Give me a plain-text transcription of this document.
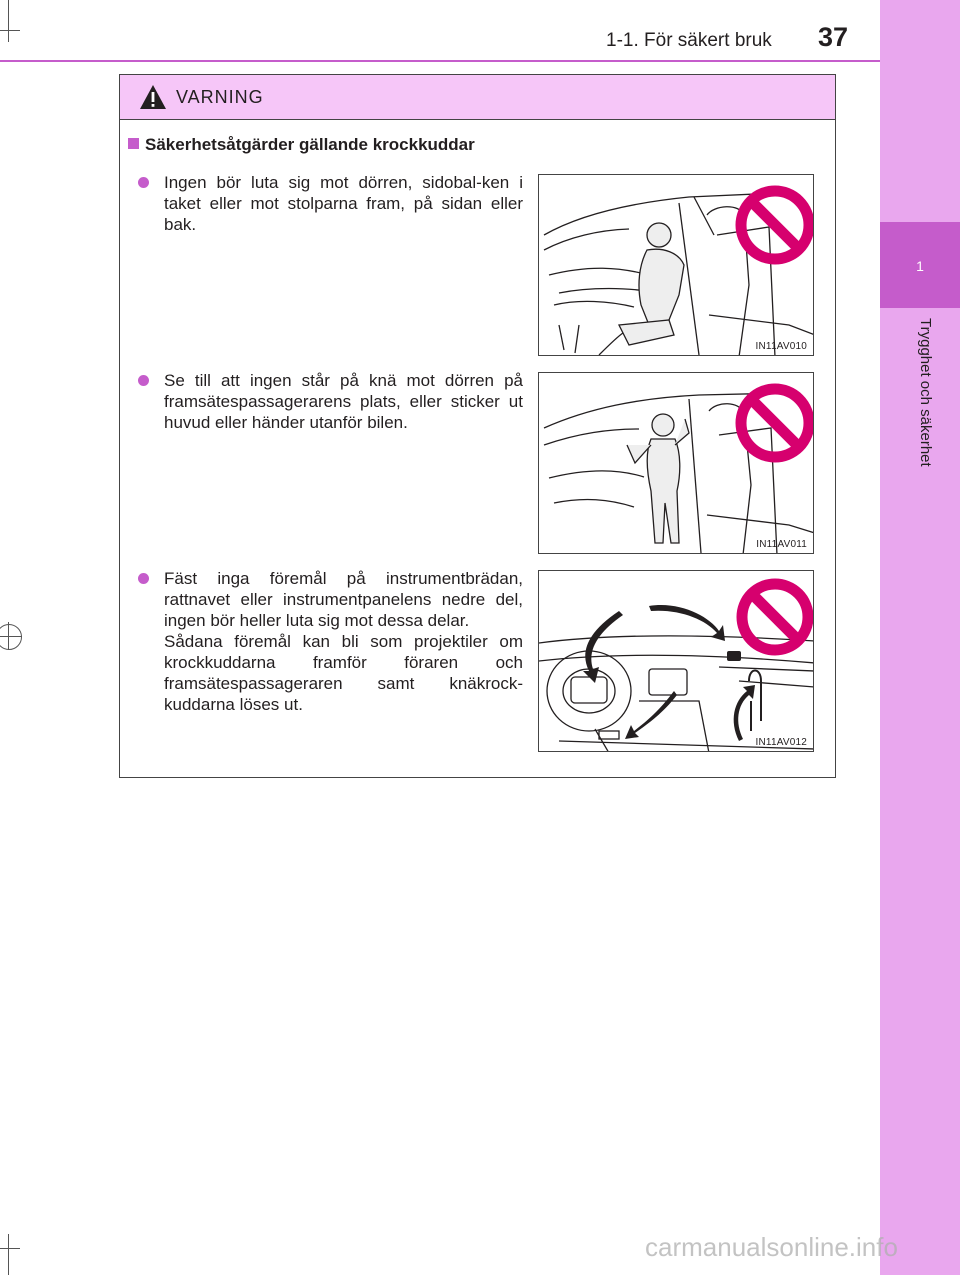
1
Trygghet och säkerhet
1-1. För säkert bruk 37
VARNING
Säkerhetsåtgärder gällande krockkuddar

Ingen bör luta sig mot dörren, sidobal-ken i taket eller mot stolparna fram, på sidan eller bak.

IN11AV010

Se till att ingen står på knä mot dörren på framsätespassagerarens plats, eller sticker ut huvud eller händer utanför bilen.

IN11AV011

Fäst inga föremål på instrumentbrädan, rattnavet eller instrumentpanelens nedre del, ingen bör heller luta sig mot dessa delar.

Sådana föremål kan bli som projektiler om krockkuddarna framför föraren och framsätespassageraren samt knäkrock-kuddarna löses ut.

IN11AV012
carmanualsonline.info
